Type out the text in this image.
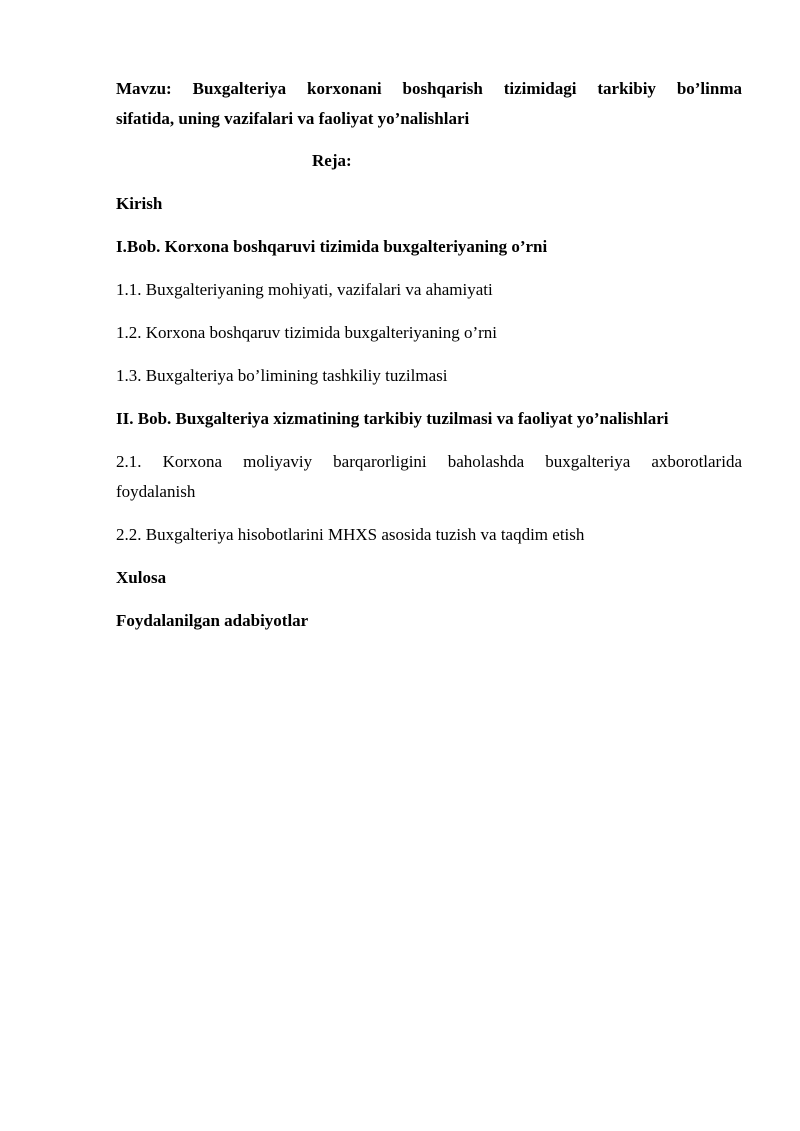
Mavzu: Buxgalteriya korxonani boshqarish tizimidagi tarkibiy bo’linma
sifatida, uning vazifalari va faoliyat yo’nalishlari

Reja:

Kirish

I.Bob. Korxona boshqaruvi tizimida buxgalteriyaning o’rni

1.1. Buxgalteriyaning mohiyati, vazifalari va ahamiyati

1.2. Korxona boshqaruv tizimida buxgalteriyaning o’rni

1.3. Buxgalteriya bo’limining tashkiliy tuzilmasi

II. Bob. Buxgalteriya xizmatining tarkibiy tuzilmasi va faoliyat yo’nalishlari

2.1. Korxona moliyaviy barqarorligini baholashda buxgalteriya axborotlarida
foydalanish

2.2. Buxgalteriya hisobotlarini MHXS asosida tuzish va taqdim etish

Xulosa

Foydalanilgan adabiyotlar
